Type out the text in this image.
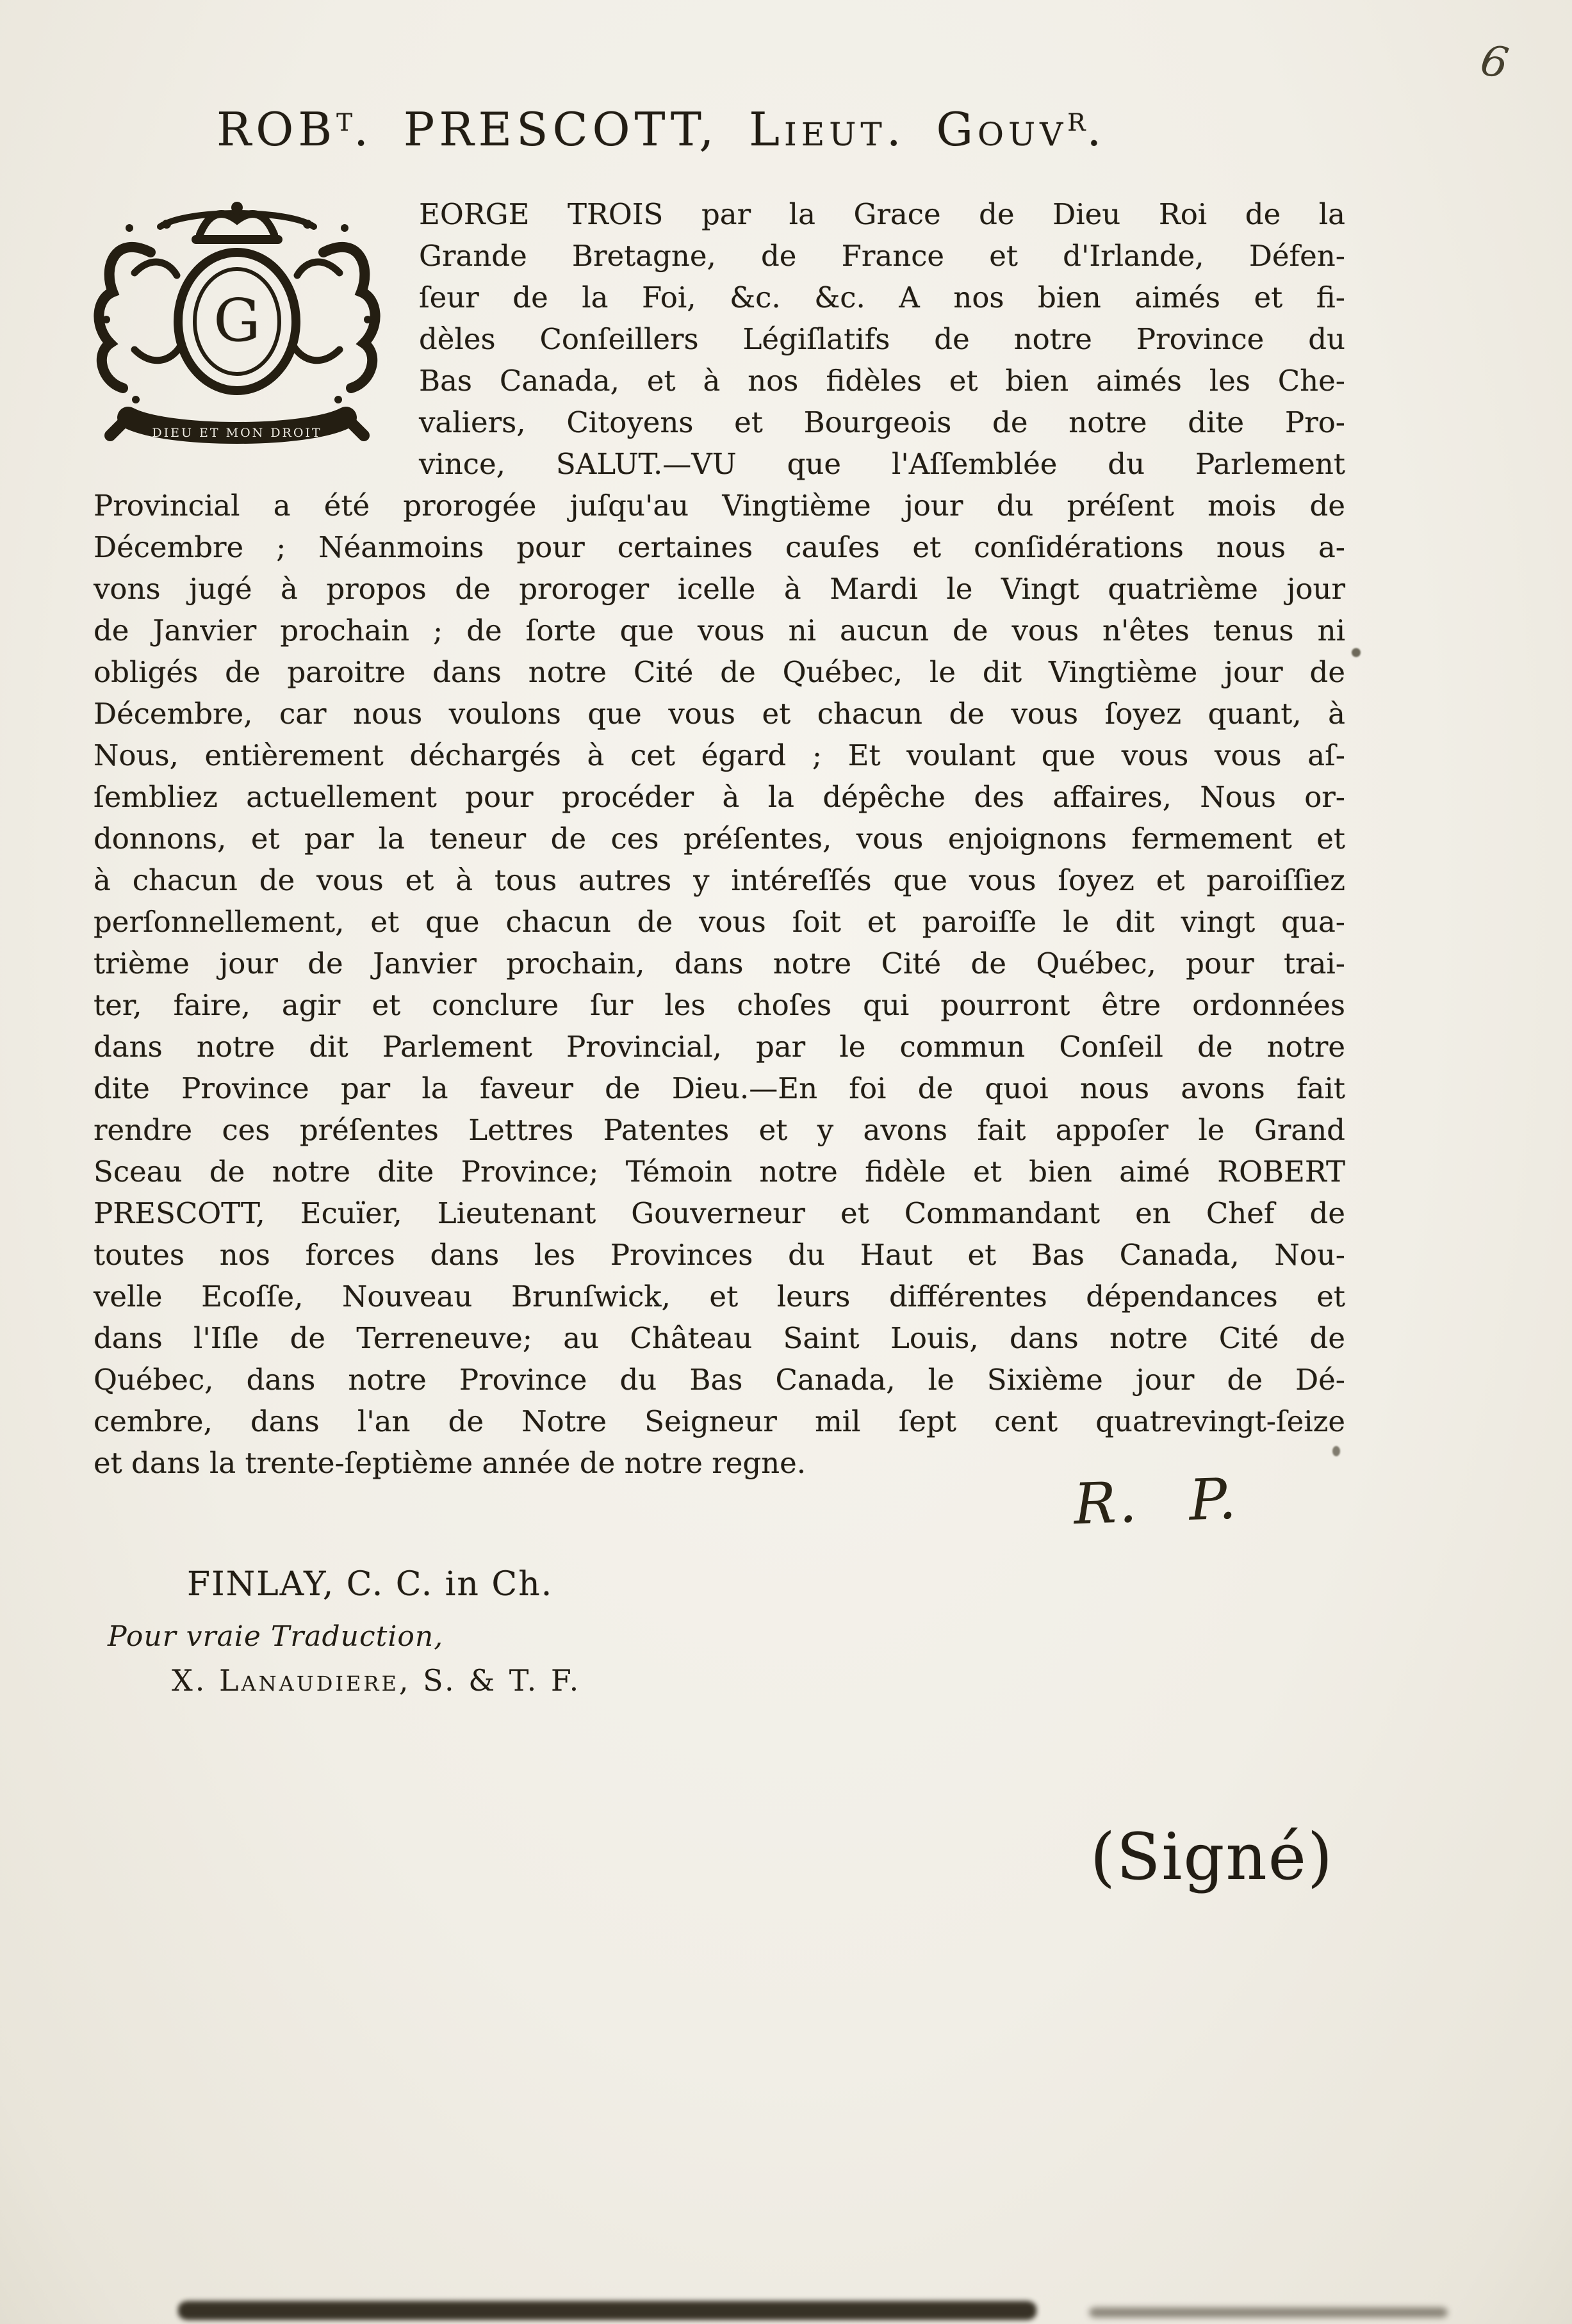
6
$ROB^T$. PRESCOTT, Lieut. Gouv$^R$.
G
DIEU ET MON DROIT
EORGE TROIS par la Grace de Dieu Roi de la
Grande Bretagne, de France et d'Irlande, Défen-
ſeur de la Foi, &c. &c. A nos bien aimés et fi-
dèles Conſeillers Légiſlatifs de notre Province du
Bas Canada, et à nos fidèles et bien aimés les Che-
valiers, Citoyens et Bourgeois de notre dite Pro-
vince, SALUT.—VU que l'Aſſemblée du Parlement
Provincial a été prorogée juſqu'au Vingtième jour du préſent mois de
Décembre ; Néanmoins pour certaines cauſes et conſidérations nous a-
vons jugé à propos de proroger icelle à Mardi le Vingt quatrième jour
de Janvier prochain ; de ſorte que vous ni aucun de vous n'êtes tenus ni
obligés de paroitre dans notre Cité de Québec, le dit Vingtième jour de
Décembre, car nous voulons que vous et chacun de vous ſoyez quant, à
Nous, entièrement déchargés à cet égard ; Et voulant que vous vous aſ-
ſembliez actuellement pour procéder à la dépêche des affaires, Nous or-
donnons, et par la teneur de ces préſentes, vous enjoignons fermement et
à chacun de vous et à tous autres y intéreſſés que vous ſoyez et paroiſſiez
perſonnellement, et que chacun de vous ſoit et paroiſſe le dit vingt qua-
trième jour de Janvier prochain, dans notre Cité de Québec, pour trai-
ter, faire, agir et conclure ſur les choſes qui pourront être ordonnées
dans notre dit Parlement Provincial, par le commun Conſeil de notre
dite Province par la faveur de Dieu.—En foi de quoi nous avons fait
rendre ces préſentes Lettres Patentes et y avons fait appoſer le Grand
Sceau de notre dite Province; Témoin notre fidèle et bien aimé ROBERT
PRESCOTT, Ecuïer, Lieutenant Gouverneur et Commandant en Chef de
toutes nos forces dans les Provinces du Haut et Bas Canada, Nou-
velle Ecoſſe, Nouveau Brunſwick, et leurs différentes dépendances et
dans l'Iſle de Terreneuve; au Château Saint Louis, dans notre Cité de
Québec, dans notre Province du Bas Canada, le Sixième jour de Dé-
cembre, dans l'an de Notre Seigneur mil ſept cent quatrevingt-ſeize
et dans la trente-ſeptième année de notre regne.
R. P.
FINLAY, C. C. in Ch.
Pour vraie Traduction,
X. Lanaudiere, S. & T. F.
(Signé)
